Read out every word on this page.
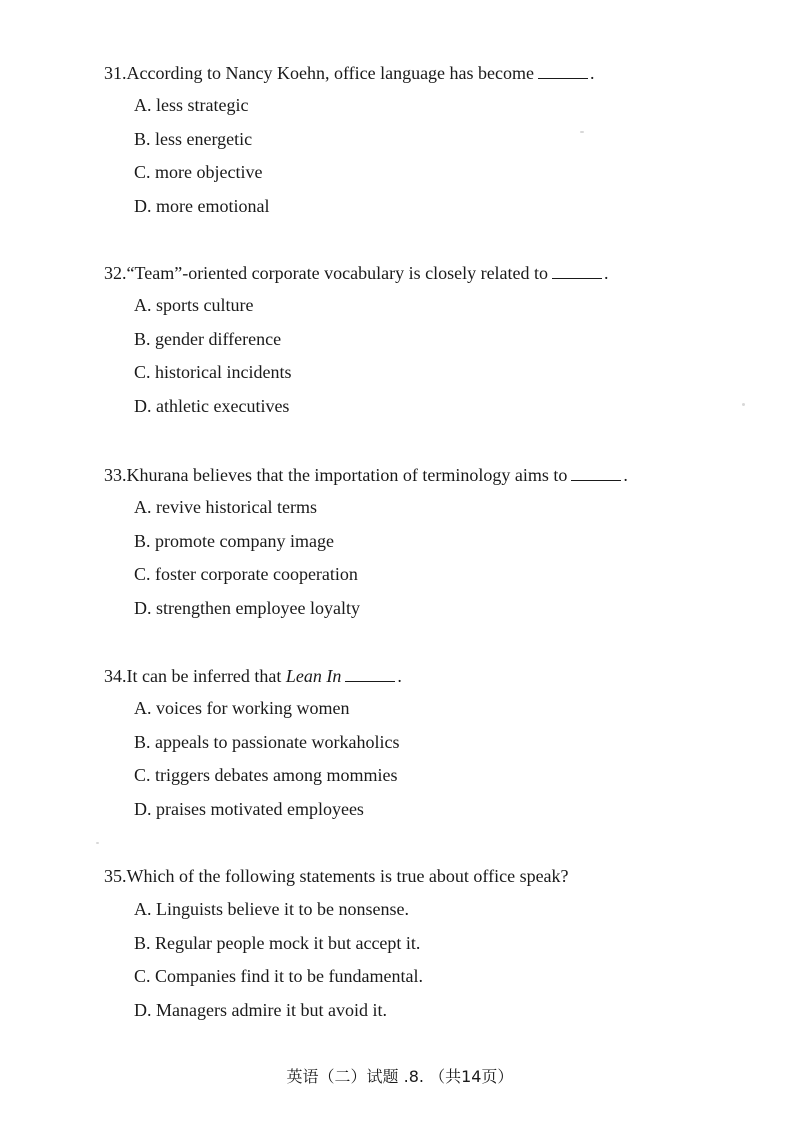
31.According to Nancy Koehn, office language has become	.
A. less strategic
B. less energetic
C. more objective
D. more emotional
32.“Team”-oriented corporate vocabulary is closely related to	.
A. sports culture
B. gender difference
C. historical incidents
D. athletic executives
33.Khurana believes that the importation of terminology aims to	.
A. revive historical terms
B. promote company image
C. foster corporate cooperation
D. strengthen employee loyalty
34.It can be inferred that Lean In	.
A. voices for working women
B. appeals to passionate workaholics
C. triggers debates among mommies
D. praises motivated employees
35.Which of the following statements is true about office speak?
A. Linguists believe it to be nonsense.
B. Regular people mock it but accept it.
C. Companies find it to be fundamental.
D. Managers admire it but avoid it.
英语（二）试题 .8. （共14页）
